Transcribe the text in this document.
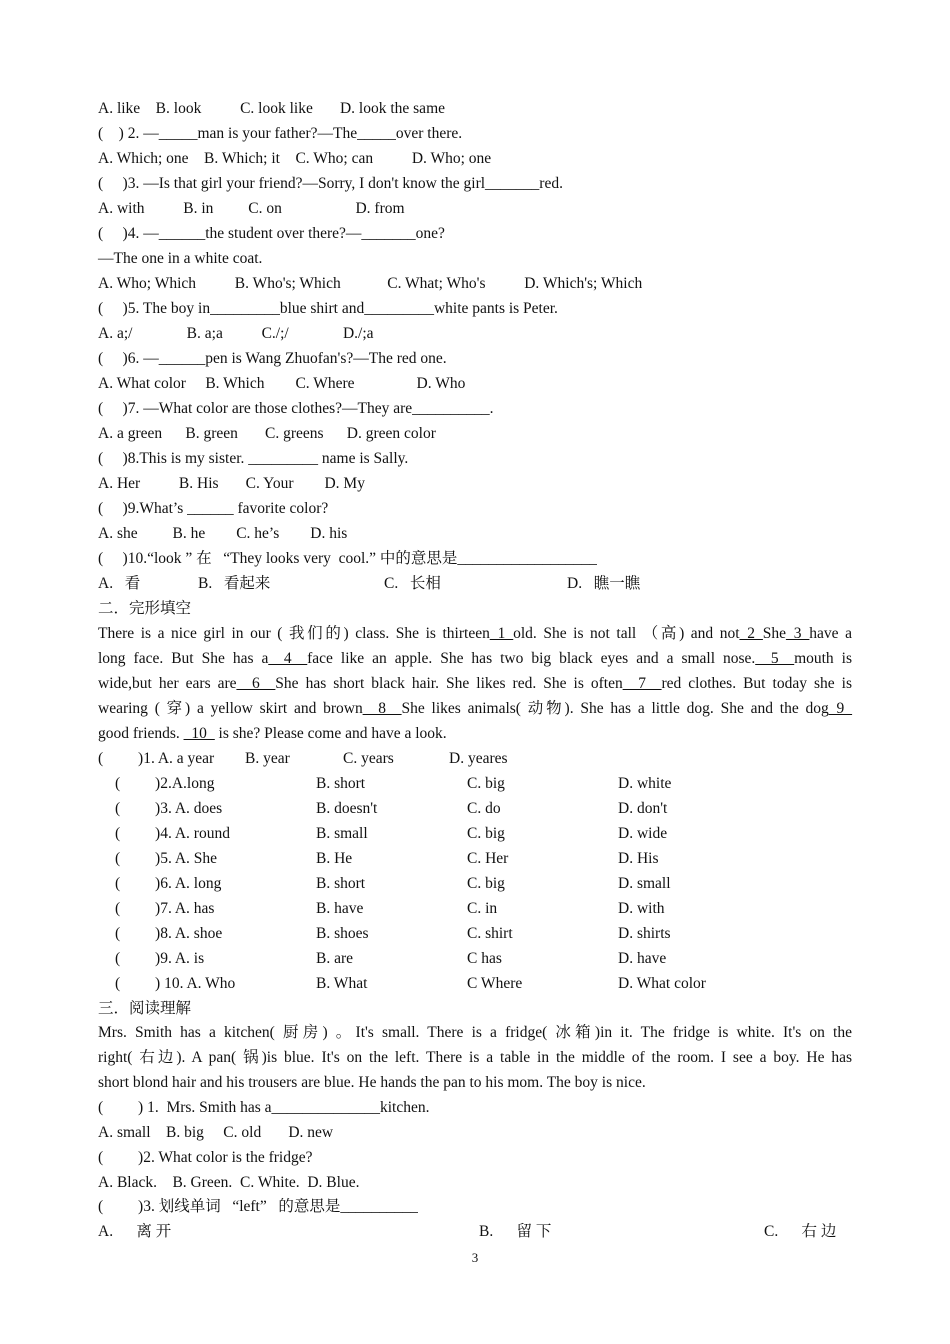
A. like    B. look          C. look like       D. look the same
(    ) 2. —_____man is your father?—The_____over there.
A. Which; one    B. Which; it    C. Who; can          D. Who; one
(     )3. —Is that girl your friend?—Sorry, I don't know the girl_______red.
A. with          B. in         C. on                   D. from
(     )4. —______the student over there?—_______one?
—The one in a white coat.
A. Who; Which          B. Who's; Which            C. What; Who's          D. Which's; Which
(     )5. The boy in_________blue shirt and_________white pants is Peter.
A. a;/              B. a;a          C./;/              D./;a
(     )6. —______pen is Wang Zhuofan's?—The red one.
A. What color     B. Which        C. Where                D. Who
(     )7. —What color are those clothes?—They are__________.
A. a green      B. green       C. greens      D. green color
(     )8.This is my sister. _________ name is Sally.
A. Her          B. His       C. Your        D. My
(     )9.What’s ______ favorite color?
A. she         B. he        C. he’s        D. his
(     )10.“look ” 在   “They looks very  cool.” 中的意思是__________________
A.   看	B.   看起来	C.   长相	D.   瞧一瞧
二．完形填空
There is a nice girl in our ( 我们的) class. She is thirteen_1_old. She is not tall （高) and not_2_She_3_have a
long face. But She has a__4__face like an apple. She has two big black eyes and a small nose.__5__mouth is
wide,but her ears are__6__She has short black hair. She likes red. She is often__7__red clothes. But today she is
wearing ( 穿) a yellow skirt and brown__8__She likes animals( 动物). She has a little dog. She and the dog_9_
good friends. _10_ is she? Please come and have a look.
(         )1. A. a year B. year	C. years	D. yeares
(         )2.A.long	B. short	C. big	D. white
(         )3. A. does	B. doesn't	C. do	D. don't
(         )4. A. round	B. small	C. big	D. wide
(         )5. A. She	B. He	C. Her	D. His
(         )6. A. long	B. short	C. big	D. small
(         )7. A. has	B. have	C. in	D. with
(         )8. A. shoe	B. shoes	C. shirt	D. shirts
(         )9. A. is	B. are	C has	D. have
(         ) 10. A. Who	B. What	C Where	D. What color
三．阅读理解
Mrs. Smith has a kitchen( 厨房) 。It's small. There is a fridge( 冰箱)in it. The fridge is white. It's on the
right( 右边). A pan( 锅)is blue. It's on the left. There is a table in the middle of the room. I see a boy. He has
short blond hair and his trousers are blue. He hands the pan to his mom. The boy is nice.
(         ) 1.  Mrs. Smith has a______________kitchen.
A. small    B. big     C. old       D. new
(         )2. What color is the fridge?
A. Black.    B. Green.  C. White.  D. Blue.
(         )3. 划线单词   “left”   的意思是__________
A.      离 开	B.      留 下	C.      右 边
3
